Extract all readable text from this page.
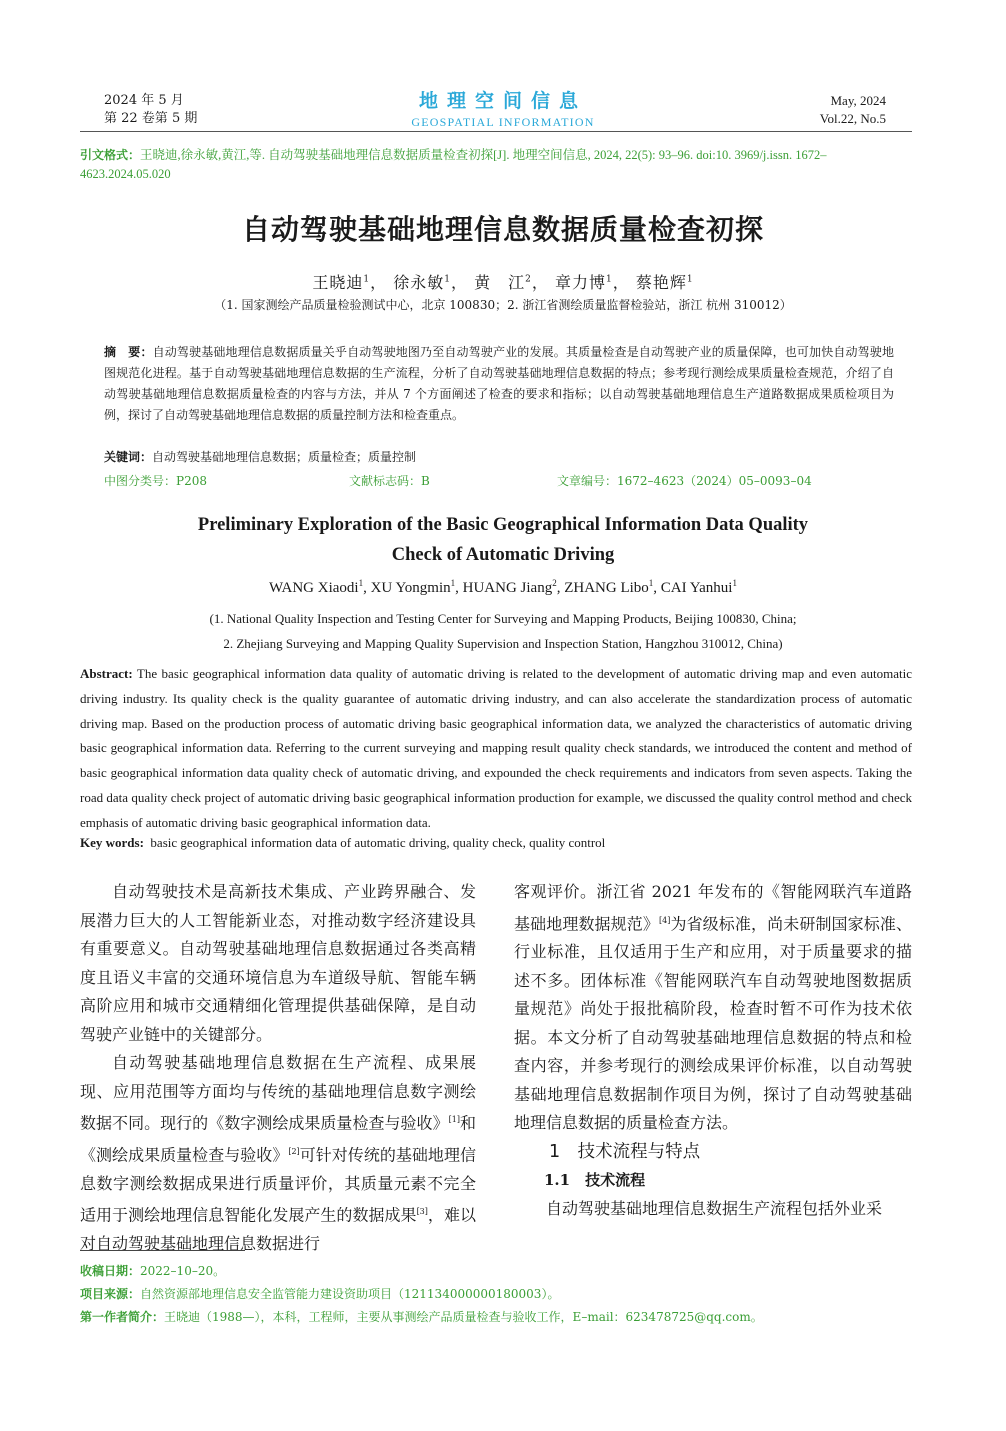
2024 年 5 月
第 22 卷第 5 期
地理空间信息
GEOSPATIAL INFORMATION
May, 2024
Vol.22, No.5
引文格式：王晓迪,徐永敏,黄江,等. 自动驾驶基础地理信息数据质量检查初探[J]. 地理空间信息, 2024, 22(5): 93–96. doi:10. 3969/j.issn. 1672–4623.2024.05.020
自动驾驶基础地理信息数据质量检查初探
王晓迪$^1$， 徐永敏$^1$， 黄　江$^2$， 章力博$^1$， 蔡艳辉$^1$
（1. 国家测绘产品质量检验测试中心，北京 100830；2. 浙江省测绘质量监督检验站，浙江 杭州 310012）
摘　要：自动驾驶基础地理信息数据质量关乎自动驾驶地图乃至自动驾驶产业的发展。其质量检查是自动驾驶产业的质量保障，也可加快自动驾驶地图规范化进程。基于自动驾驶基础地理信息数据的生产流程，分析了自动驾驶基础地理信息数据的特点；参考现行测绘成果质量检查规范，介绍了自动驾驶基础地理信息数据质量检查的内容与方法，并从 7 个方面阐述了检查的要求和指标；以自动驾驶基础地理信息生产道路数据成果质检项目为例，探讨了自动驾驶基础地理信息数据的质量控制方法和检查重点。
关键词：自动驾驶基础地理信息数据；质量检查；质量控制
中图分类号：P208	文献标志码：B	文章编号：1672–4623（2024）05–0093–04
Preliminary Exploration of the Basic Geographical Information Data Quality Check of Automatic Driving
WANG Xiaodi$^1$, XU Yongmin$^1$, HUANG Jiang$^2$, ZHANG Libo$^1$, CAI Yanhui$^1$
(1. National Quality Inspection and Testing Center for Surveying and Mapping Products, Beijing 100830, China;
2. Zhejiang Surveying and Mapping Quality Supervision and Inspection Station, Hangzhou 310012, China)
Abstract: The basic geographical information data quality of automatic driving is related to the development of automatic driving map and even automatic driving industry. Its quality check is the quality guarantee of automatic driving industry, and can also accelerate the standardization process of automatic driving map. Based on the production process of automatic driving basic geographical information data, we analyzed the characteristics of automatic driving basic geographical information data. Referring to the current surveying and mapping result quality check standards, we introduced the content and method of basic geographical information data quality check of automatic driving, and expounded the check requirements and indicators from seven aspects. Taking the road data quality check project of automatic driving basic geographical information production for example, we discussed the quality control method and check emphasis of automatic driving basic geographical information data.
Key words: basic geographical information data of automatic driving, quality check, quality control

自动驾驶技术是高新技术集成、产业跨界融合、发展潜力巨大的人工智能新业态，对推动数字经济建设具有重要意义。自动驾驶基础地理信息数据通过各类高精度且语义丰富的交通环境信息为车道级导航、智能车辆高阶应用和城市交通精细化管理提供基础保障，是自动驾驶产业链中的关键部分。

自动驾驶基础地理信息数据在生产流程、成果展现、应用范围等方面均与传统的基础地理信息数字测绘数据不同。现行的《数字测绘成果质量检查与验收》[1]和《测绘成果质量检查与验收》[2]可针对传统的基础地理信息数字测绘数据成果进行质量评价，其质量元素不完全适用于测绘地理信息智能化发展产生的数据成果[3]，难以对自动驾驶基础地理信息数据进行

客观评价。浙江省 2021 年发布的《智能网联汽车道路基础地理数据规范》[4]为省级标准，尚未研制国家标准、行业标准，且仅适用于生产和应用，对于质量要求的描述不多。团体标准《智能网联汽车自动驾驶地图数据质量规范》尚处于报批稿阶段，检查时暂不可作为技术依据。本文分析了自动驾驶基础地理信息数据的特点和检查内容，并参考现行的测绘成果评价标准，以自动驾驶基础地理信息数据制作项目为例，探讨了自动驾驶基础地理信息数据的质量检查方法。

1　技术流程与特点

1.1　技术流程

自动驾驶基础地理信息数据生产流程包括外业采

收稿日期：2022–10–20。
项目来源：自然资源部地理信息安全监管能力建设资助项目（121134000000180003）。
第一作者简介：王晓迪（1988—），本科，工程师，主要从事测绘产品质量检查与验收工作，E–mail：623478725@qq.com。
